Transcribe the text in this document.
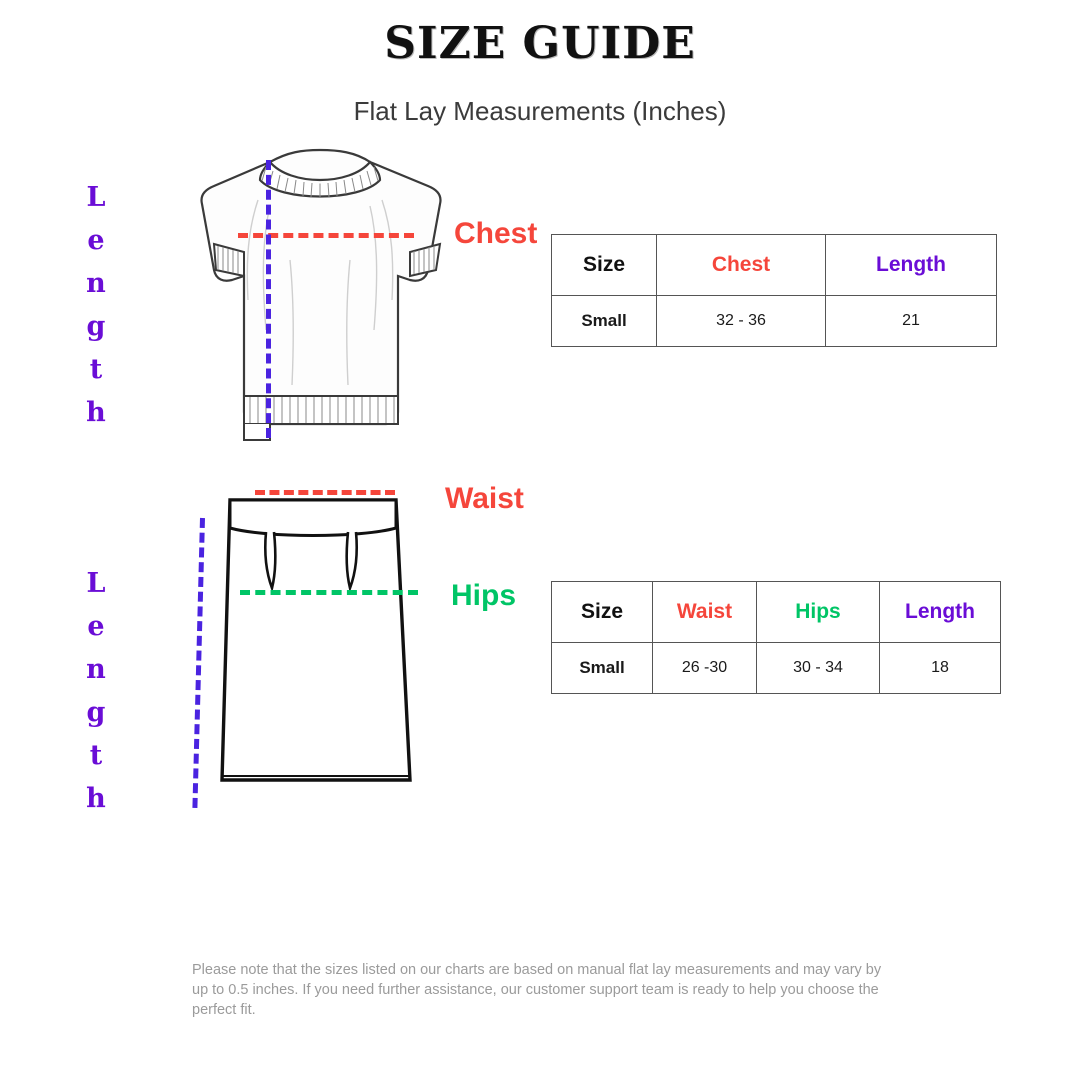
SIZE GUIDE
Flat Lay Measurements (Inches)
Chest
Waist
Hips
L
e
n
g
t
h
L
e
n
g
t
h
Size	Chest	Length
Small	32 - 36	21
Size	Waist	Hips	Length
Small	26 -30	30 - 34	18
Please note that the sizes listed on our charts are based on manual flat lay measurements and may vary by up to 0.5 inches. If you need further assistance, our customer support team is ready to help you choose the perfect fit.
